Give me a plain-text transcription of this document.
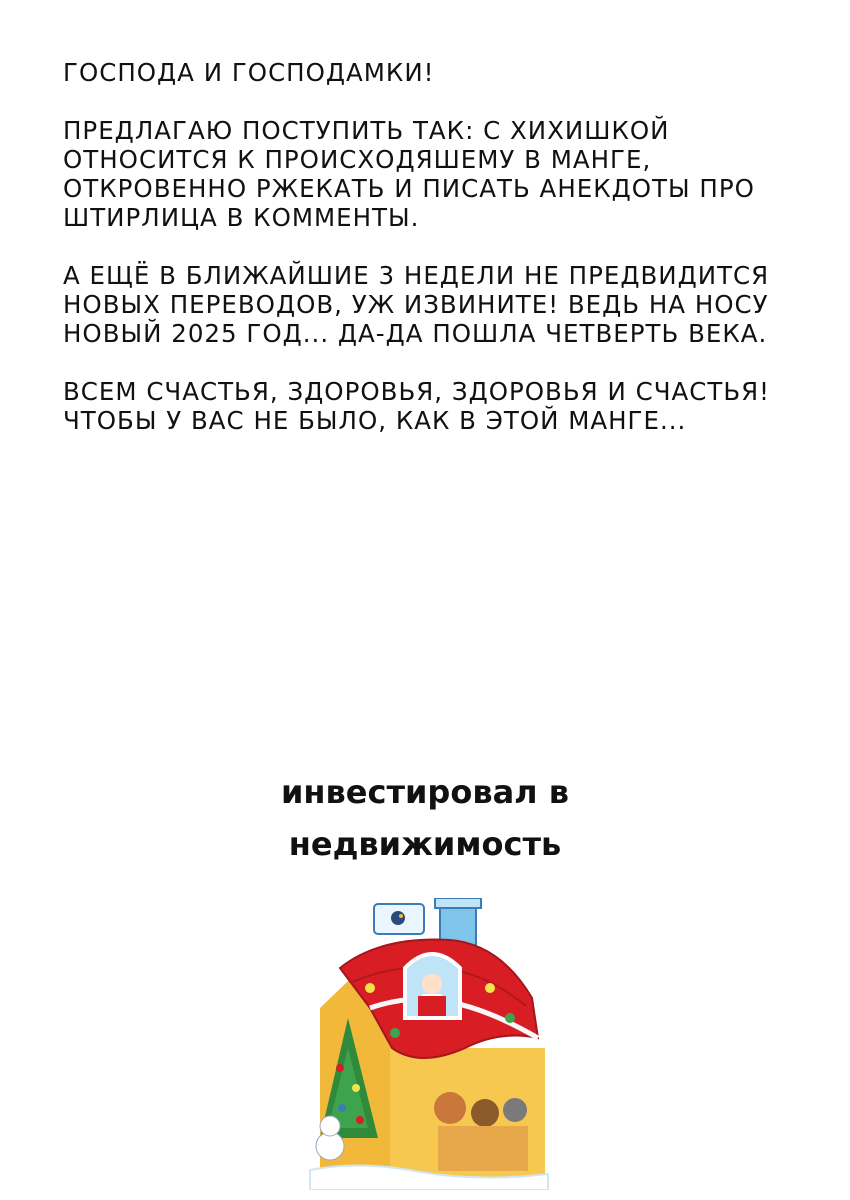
ГОСПОДА И ГОСПОДАМКИ!

ПРЕДЛАГАЮ ПОСТУПИТЬ ТАК: С ХИХИШКОЙ ОТНОСИТСЯ К ПРОИСХОДЯШЕМУ В МАНГЕ, ОТКРОВЕННО РЖЕКАТЬ И ПИСАТЬ АНЕКДОТЫ ПРО ШТИРЛИЦА В КОММЕНТЫ.

А ЕЩЁ В БЛИЖАЙШИЕ 3 НЕДЕЛИ НЕ ПРЕДВИДИТСЯ НОВЫХ ПЕРЕВОДОВ, УЖ ИЗВИНИТЕ! ВЕДЬ НА НОСУ НОВЫЙ 2025 ГОД... ДА-ДА ПОШЛА ЧЕТВЕРТЬ ВЕКА.

ВСЕМ СЧАСТЬЯ, ЗДОРОВЬЯ, ЗДОРОВЬЯ И СЧАСТЬЯ! ЧТОБЫ У ВАС НЕ БЫЛО, КАК В ЭТОЙ МАНГЕ...

инвестировал в
недвижимость
